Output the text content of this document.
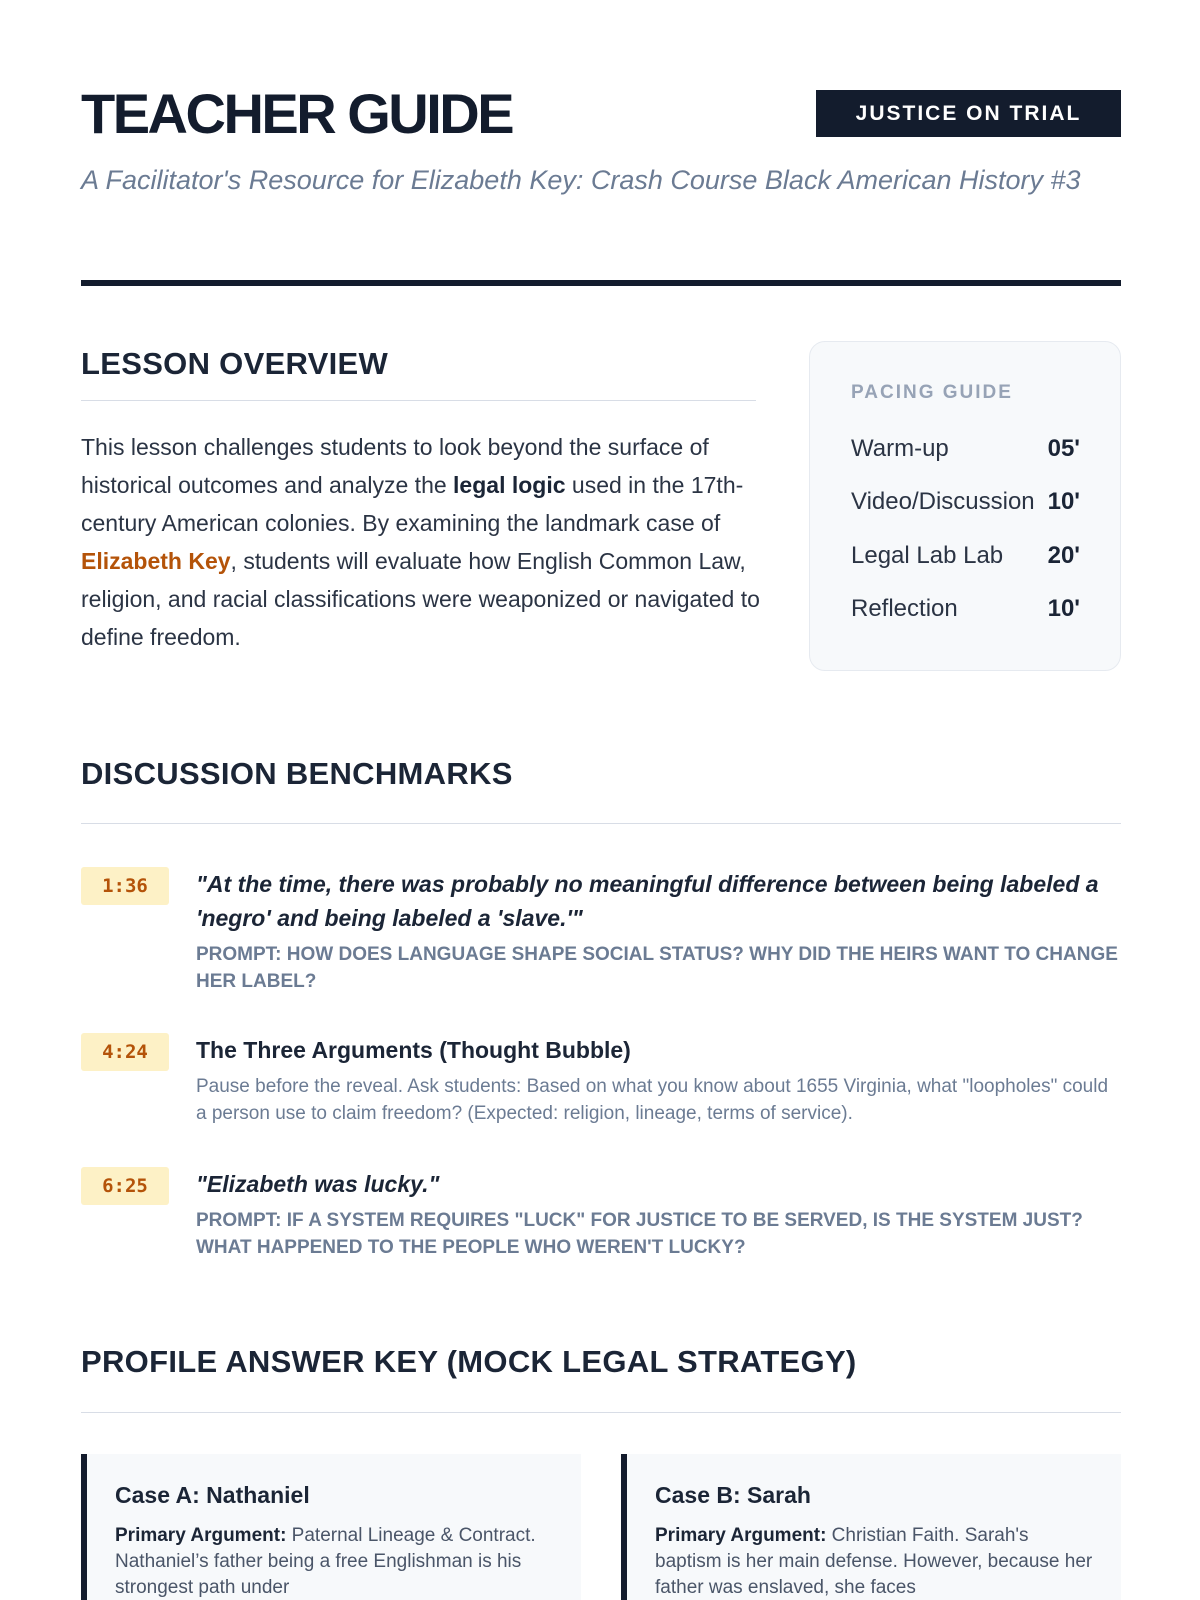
TEACHER GUIDE	JUSTICE ON TRIAL

A Facilitator's Resource for Elizabeth Key: Crash Course Black American History #3

LESSON OVERVIEW

This lesson challenges students to look beyond the surface of historical outcomes and analyze the legal logic used in the 17th-century American colonies. By examining the landmark case of Elizabeth Key, students will evaluate how English Common Law, religion, and racial classifications were weaponized or navigated to define freedom.

PACING GUIDE
Warm-up	05'
Video/Discussion 10'
Legal Lab Lab 20'
Reflection	10'
DISCUSSION BENCHMARKS
1:36	"At the time, there was probably no meaningful difference between being labeled a 'negro' and being labeled a 'slave.'"
PROMPT: HOW DOES LANGUAGE SHAPE SOCIAL STATUS? WHY DID THE HEIRS WANT TO CHANGE HER LABEL?
4:24	The Three Arguments (Thought Bubble)
Pause before the reveal. Ask students: Based on what you know about 1655 Virginia, what "loopholes" could a person use to claim freedom? (Expected: religion, lineage, terms of service).
6:25	"Elizabeth was lucky."
PROMPT: IF A SYSTEM REQUIRES "LUCK" FOR JUSTICE TO BE SERVED, IS THE SYSTEM JUST? WHAT HAPPENED TO THE PEOPLE WHO WEREN'T LUCKY?
PROFILE ANSWER KEY (MOCK LEGAL STRATEGY)
Case A: Nathaniel

Primary Argument: Paternal Lineage & Contract. Nathaniel’s father being a free Englishman is his strongest path under

Case B: Sarah

Primary Argument: Christian Faith. Sarah's baptism is her main defense. However, because her father was enslaved, she faces
